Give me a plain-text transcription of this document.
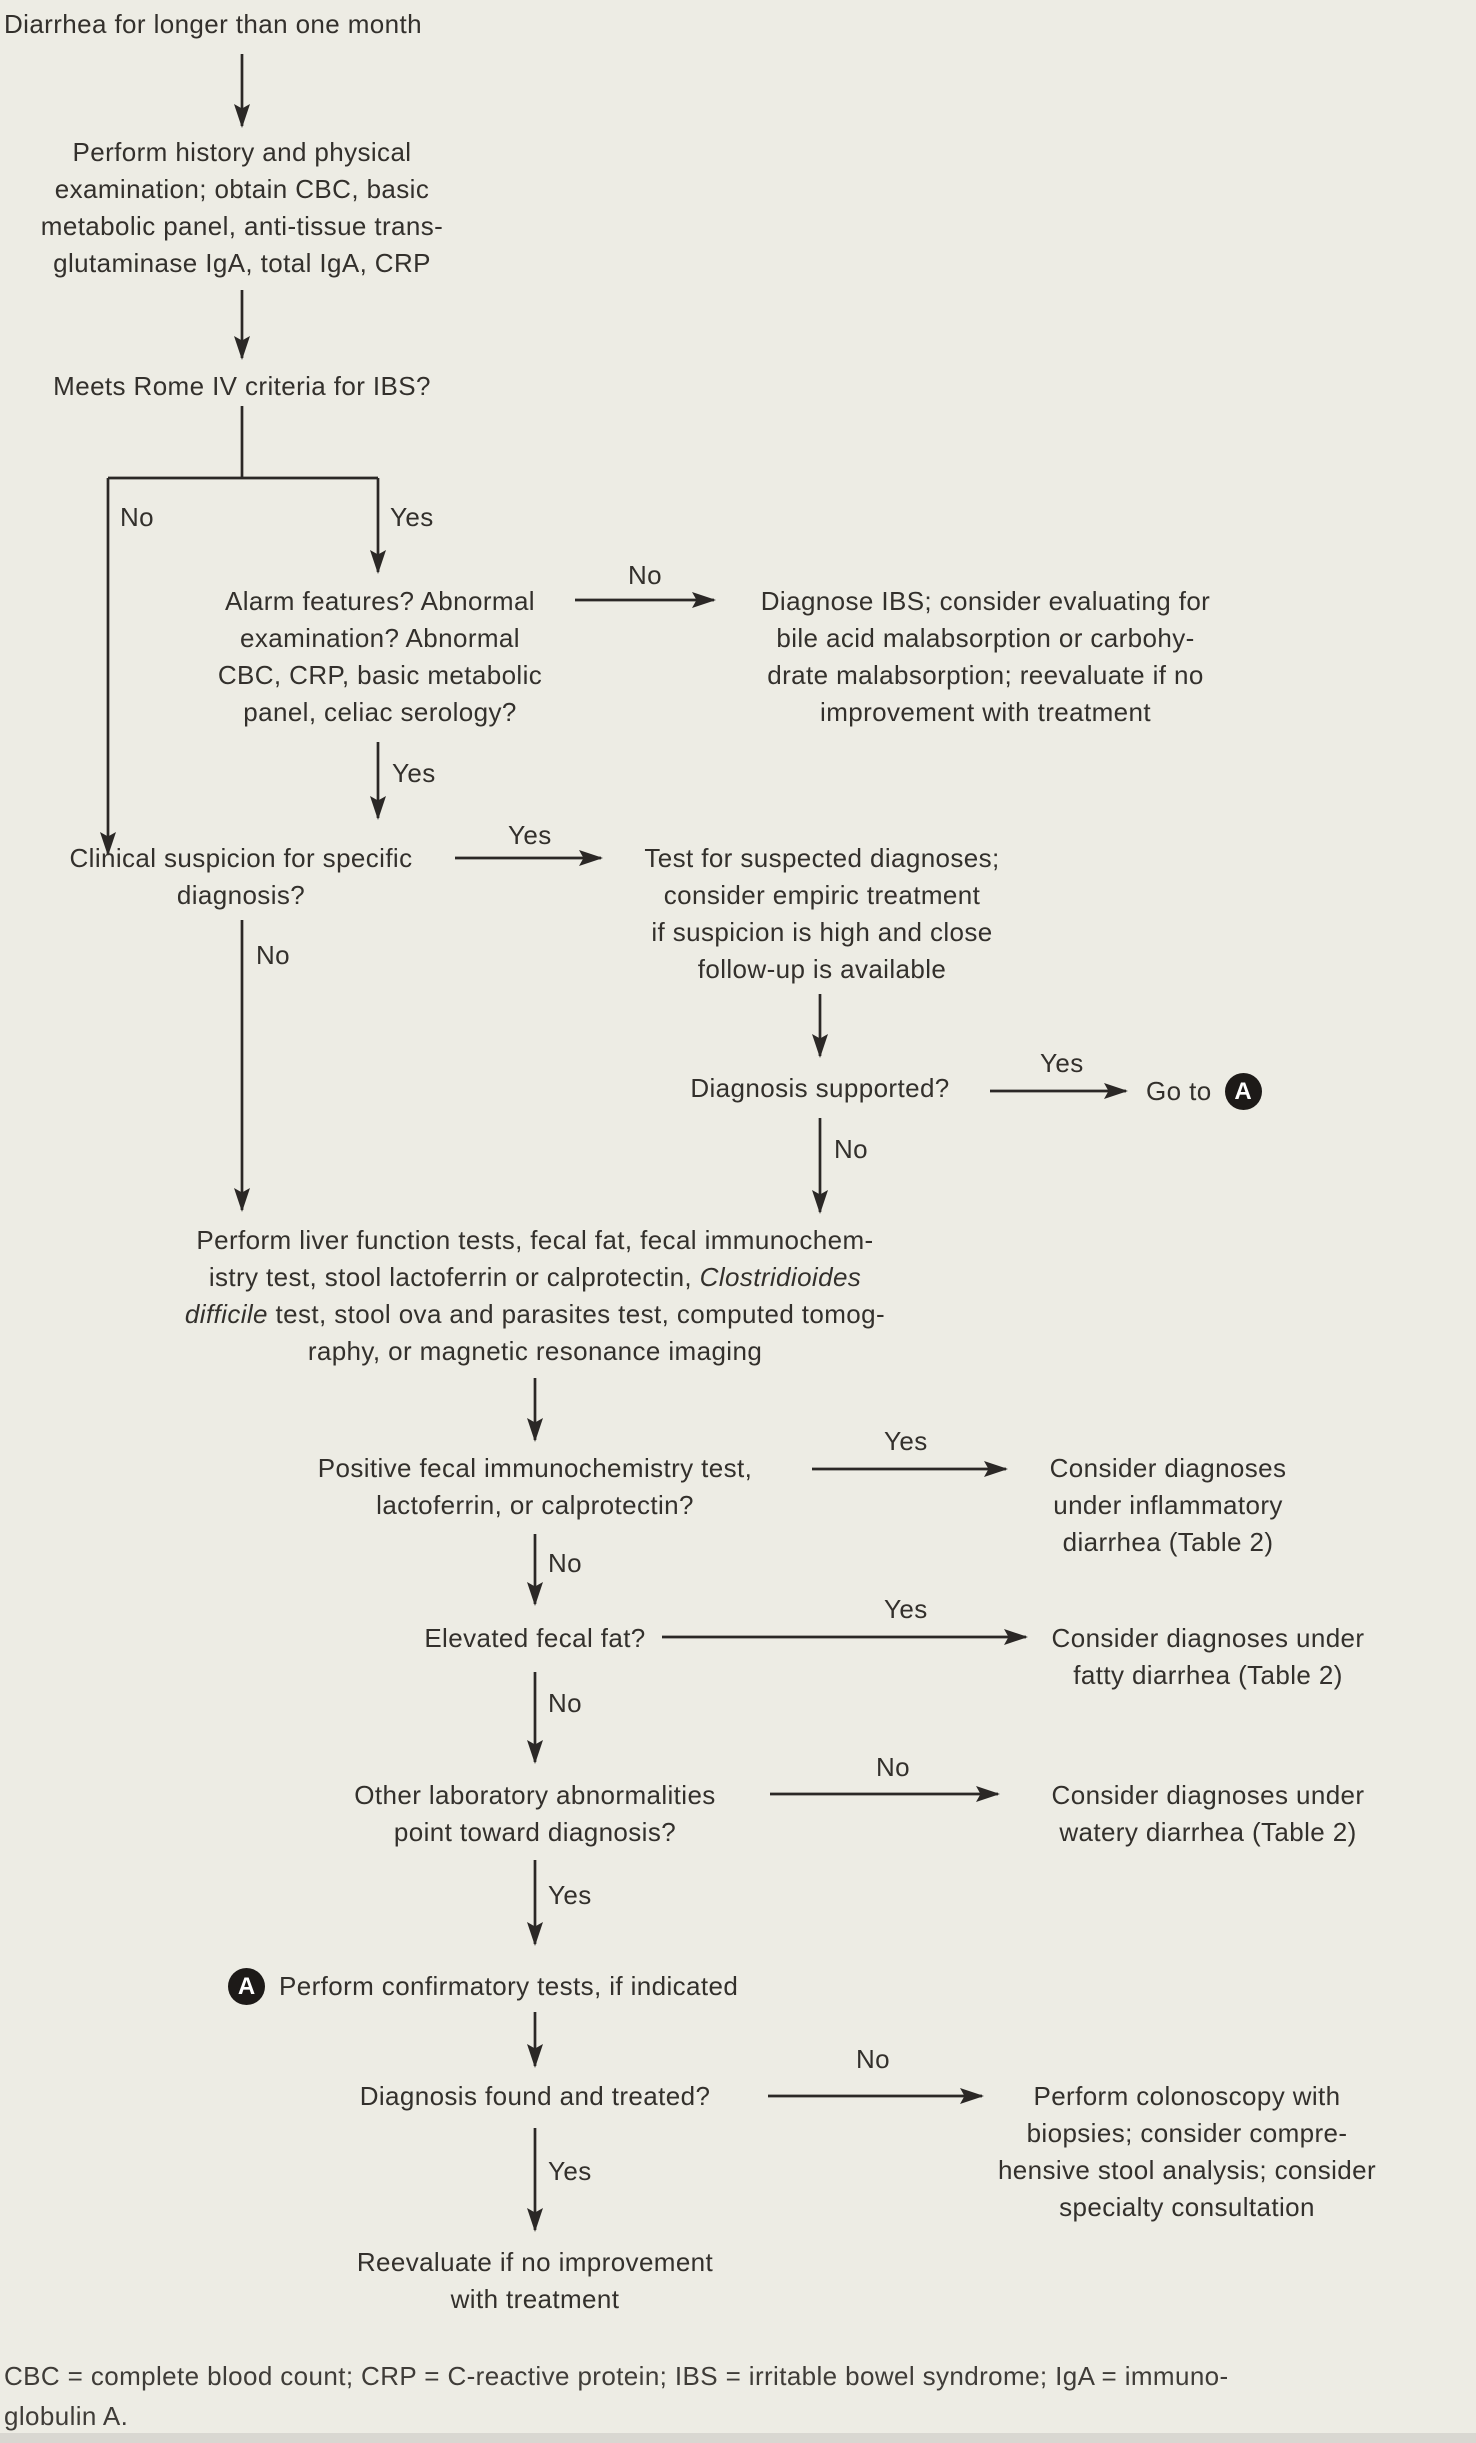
Diarrhea for longer than one month
Perform history and physical
examination; obtain CBC, basic
metabolic panel, anti-tissue trans-
glutaminase IgA, total IgA, CRP
Meets Rome IV criteria for IBS?
No	Yes
Alarm features? Abnormal
examination? Abnormal
CBC, CRP, basic metabolic
panel, celiac serology?
No
Diagnose IBS; consider evaluating for
bile acid malabsorption or carbohy-
drate malabsorption; reevaluate if no
improvement with treatment
Yes
Clinical suspicion for specific
diagnosis?
Yes
No
Test for suspected diagnoses;
consider empiric treatment
if suspicion is high and close
follow-up is available
Diagnosis supported?
Yes
Go to A
No
Perform liver function tests, fecal fat, fecal immunochem-
istry test, stool lactoferrin or calprotectin, Clostridioides
difficile test, stool ova and parasites test, computed tomog-
raphy, or magnetic resonance imaging
Positive fecal immunochemistry test,
lactoferrin, or calprotectin?
Yes
Consider diagnoses
under inflammatory
diarrhea (Table 2)
No
Elevated fecal fat?
Yes
Consider diagnoses under
fatty diarrhea (Table 2)
No
Other laboratory abnormalities
point toward diagnosis?
No
Consider diagnoses under
watery diarrhea (Table 2)
Yes
A Perform confirmatory tests, if indicated
Diagnosis found and treated?
No
Perform colonoscopy with
biopsies; consider compre-
hensive stool analysis; consider
specialty consultation
Yes
Reevaluate if no improvement
with treatment
CBC = complete blood count; CRP = C-reactive protein; IBS = irritable bowel syndrome; IgA = immuno-
globulin A.
